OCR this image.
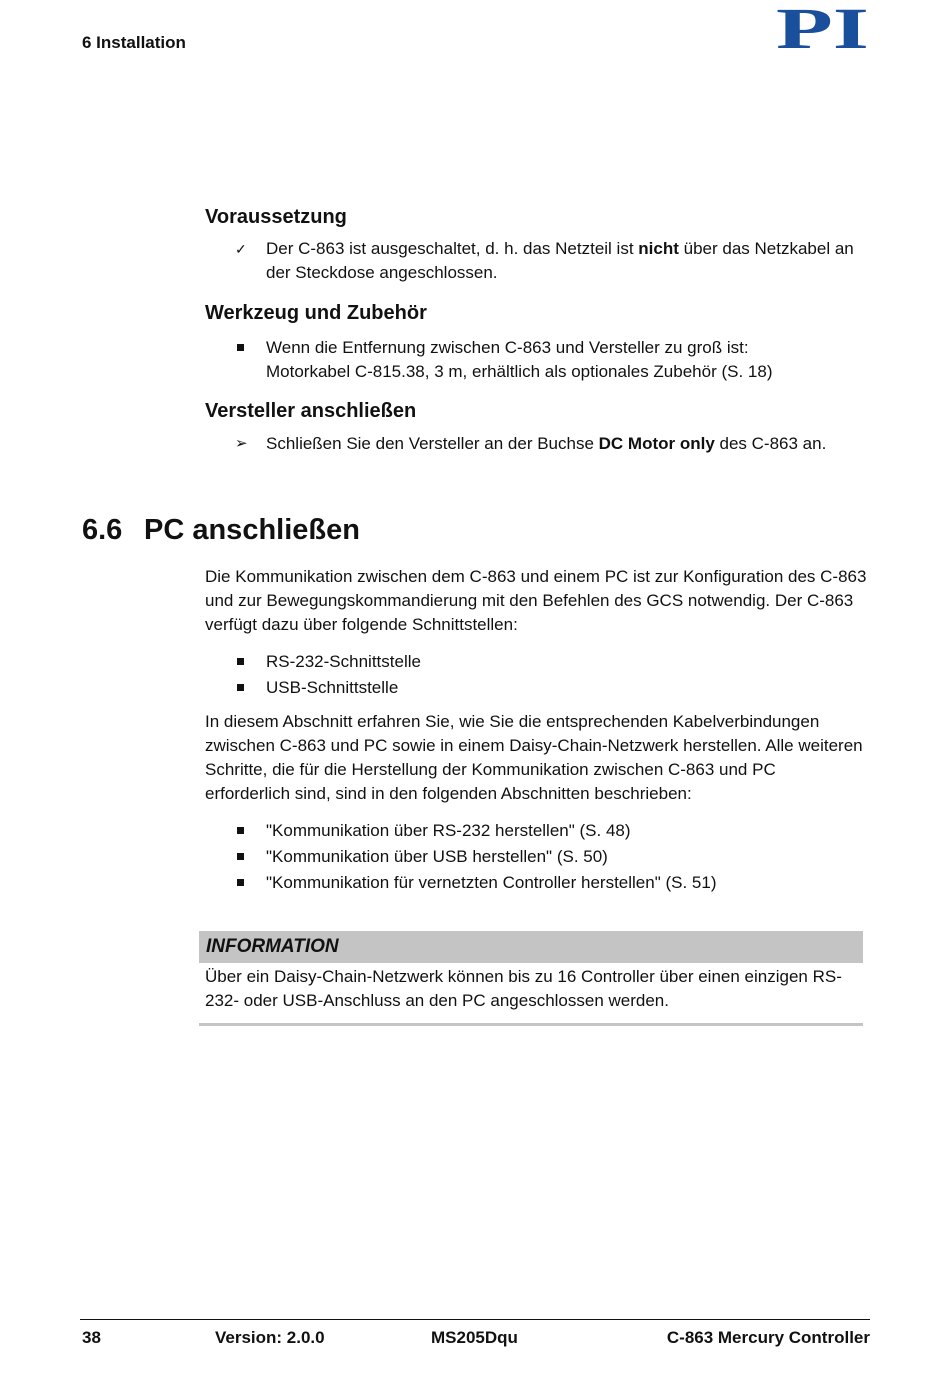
6 Installation	PI
Voraussetzung
✓	Der C-863 ist ausgeschaltet, d. h. das Netzteil ist nicht über das Netzkabel an der Steckdose angeschlossen.
Werkzeug und Zubehör
Wenn die Entfernung zwischen C-863 und Versteller zu groß ist: Motorkabel C-815.38, 3 m, erhältlich als optionales Zubehör (S. 18)
Versteller anschließen
➢	Schließen Sie den Versteller an der Buchse DC Motor only des C-863 an.
6.6 PC anschließen
Die Kommunikation zwischen dem C-863 und einem PC ist zur Konfiguration des C-863 und zur Bewegungskommandierung mit den Befehlen des GCS notwendig. Der C-863 verfügt dazu über folgende Schnittstellen:
RS-232-Schnittstelle
USB-Schnittstelle
In diesem Abschnitt erfahren Sie, wie Sie die entsprechenden Kabelverbindungen zwischen C-863 und PC sowie in einem Daisy-Chain-Netzwerk herstellen. Alle weiteren Schritte, die für die Herstellung der Kommunikation zwischen C-863 und PC erforderlich sind, sind in den folgenden Abschnitten beschrieben:
"Kommunikation über RS-232 herstellen" (S. 48)
"Kommunikation über USB herstellen" (S. 50)
"Kommunikation für vernetzten Controller herstellen" (S. 51)
INFORMATION
Über ein Daisy-Chain-Netzwerk können bis zu 16 Controller über einen einzigen RS-232- oder USB-Anschluss an den PC angeschlossen werden.
38	Version: 2.0.0	MS205Dqu	C-863 Mercury Controller
